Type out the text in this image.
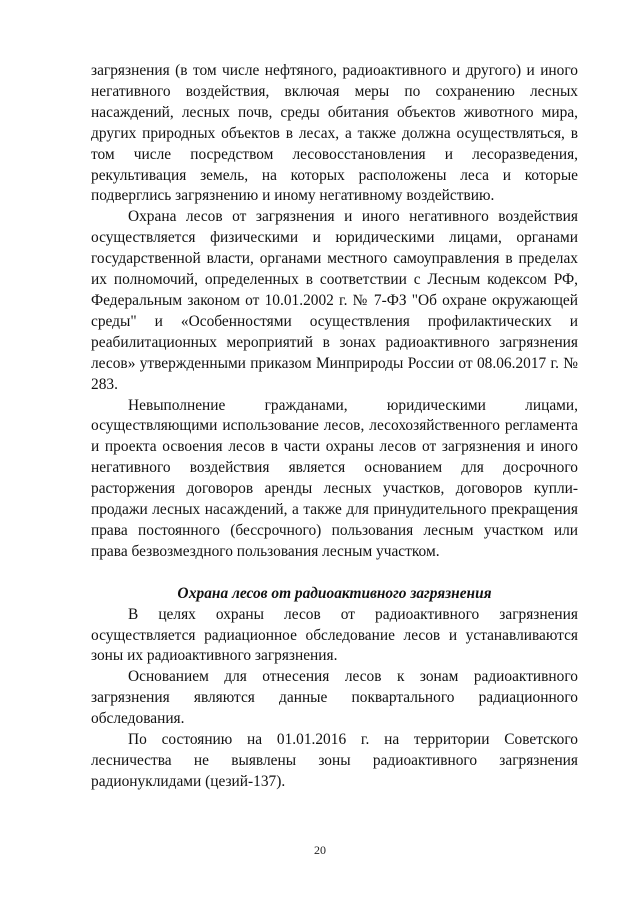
загрязнения (в том числе нефтяного, радиоактивного и другого) и иного негативного воздействия, включая меры по сохранению лесных насаждений, лесных почв, среды обитания объектов животного мира, других природных объектов в лесах, а также должна осуществляться, в том числе посредством лесовосстановления и лесоразведения, рекультивация земель, на которых расположены леса и которые подверглись загрязнению и иному негативному воздействию.

Охрана лесов от загрязнения и иного негативного воздействия осуществляется физическими и юридическими лицами, органами государственной власти, органами местного самоуправления в пределах их полномочий, определенных в соответствии с Лесным кодексом РФ, Федеральным законом от 10.01.2002 г. № 7-ФЗ "Об охране окружающей среды" и «Особенностями осуществления профилактических и реабилитационных мероприятий в зонах радиоактивного загрязнения лесов» утвержденными приказом Минприроды России от 08.06.2017 г. № 283.

Невыполнение гражданами, юридическими лицами, осуществляющими использование лесов, лесохозяйственного регламента и проекта освоения лесов в части охраны лесов от загрязнения и иного негативного воздействия является основанием для досрочного расторжения договоров аренды лесных участков, договоров купли-продажи лесных насаждений, а также для принудительного прекращения права постоянного (бессрочного) пользования лесным участком или права безвозмездного пользования лесным участком.

Охрана лесов от радиоактивного загрязнения

В целях охраны лесов от радиоактивного загрязнения осуществляется радиационное обследование лесов и устанавливаются зоны их радиоактивного загрязнения.

Основанием для отнесения лесов к зонам радиоактивного загрязнения являются данные поквартального радиационного обследования.

По состоянию на 01.01.2016 г. на территории Советского лесничества не выявлены зоны радиоактивного загрязнения радионуклидами (цезий-137).

20
